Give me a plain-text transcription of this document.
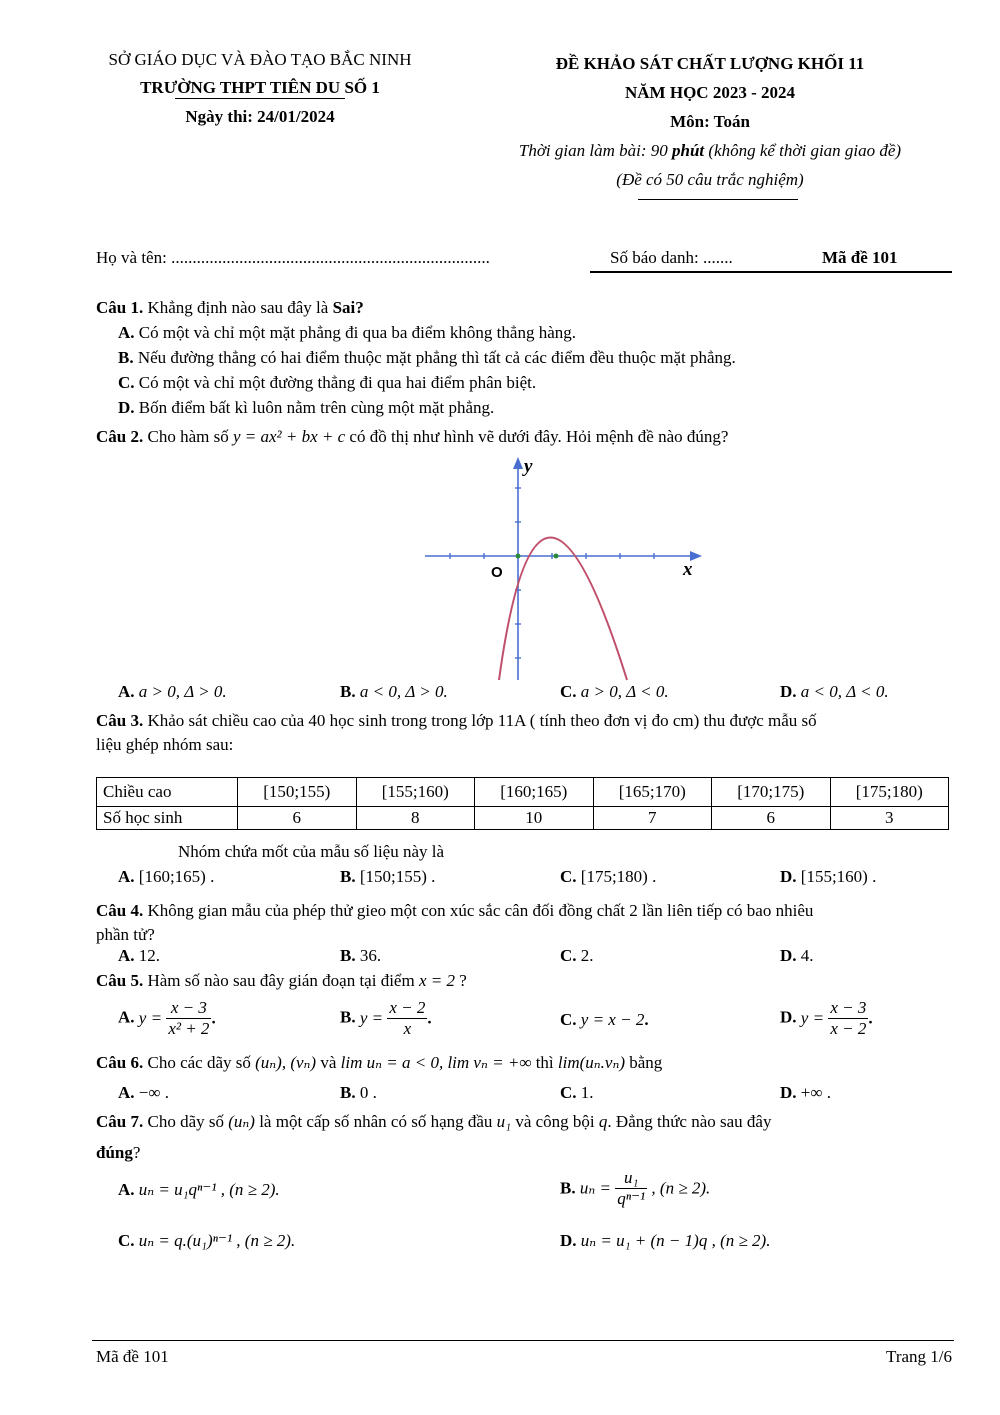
SỞ GIÁO DỤC VÀ ĐÀO TẠO BẮC NINH
TRƯỜNG THPT TIÊN DU SỐ 1
Ngày thi: 24/01/2024
ĐỀ KHẢO SÁT CHẤT LƯỢNG KHỐI 11
NĂM HỌC 2023 - 2024
Môn: Toán
Thời gian làm bài: 90 phút (không kể thời gian giao đề)
(Đề có 50 câu trắc nghiệm)
Họ và tên: ...........................................................................	Số báo danh: .......	Mã đề 101
Câu 1. Khẳng định nào sau đây là Sai?
A. Có một và chỉ một mặt phẳng đi qua ba điểm không thẳng hàng.
B. Nếu đường thẳng có hai điểm thuộc mặt phẳng thì tất cả các điểm đều thuộc mặt phẳng.
C. Có một và chỉ một đường thẳng đi qua hai điểm phân biệt.
D. Bốn điểm bất kì luôn nằm trên cùng một mặt phẳng.
Câu 2. Cho hàm số y = ax² + bx + c có đồ thị như hình vẽ dưới đây. Hỏi mệnh đề nào đúng?
y
x
O
A. a > 0, Δ > 0.	B. a < 0, Δ > 0.	C. a > 0, Δ < 0.	D. a < 0, Δ < 0.
Câu 3. Khảo sát chiều cao của 40 học sinh trong trong lớp 11A ( tính theo đơn vị đo cm) thu được mẫu số
liệu ghép nhóm sau:
Chiều cao	[150;155)	[155;160)	[160;165)	[165;170)	[170;175)	[175;180)
Số học sinh	6	8	10	7	6	3
Nhóm chứa mốt của mẫu số liệu này là
A. [160;165) .	B. [150;155) .	C. [175;180) .	D. [155;160) .
Câu 4. Không gian mẫu của phép thử gieo một con xúc sắc cân đối đồng chất 2 lần liên tiếp có bao nhiêu
phần tử?
A. 12.	B. 36.	C. 2.	D. 4.
Câu 5. Hàm số nào sau đây gián đoạn tại điểm x = 2 ?
A. $y = \frac{x - 3}{\text{x² + 2}}$ .	B. $y = \frac{x - 2}{x}$ .	C. y = x − 2.	D. $y = \frac{x - 3}{x - 2}$ .
Câu 6. Cho các dãy số (uₙ), (vₙ) và lim uₙ = a < 0, lim vₙ = +∞ thì lim(uₙ.vₙ) bằng
A. −∞ .	B. 0 .	C. 1.	D. +∞ .
Câu 7. Cho dãy số (uₙ) là một cấp số nhân có số hạng đầu u₁ và công bội q. Đẳng thức nào sau đây
đúng?
A. uₙ = u₁qⁿ⁻¹ , (n ≥ 2).	B. $u_n = \frac{\text{u₁}}{\text{qⁿ⁻¹}}$ , (n ≥ 2).
C. uₙ = q.(u₁)ⁿ⁻¹ , (n ≥ 2).	D. uₙ = u₁ + (n − 1)q , (n ≥ 2).
Mã đề 101	Trang 1/6
